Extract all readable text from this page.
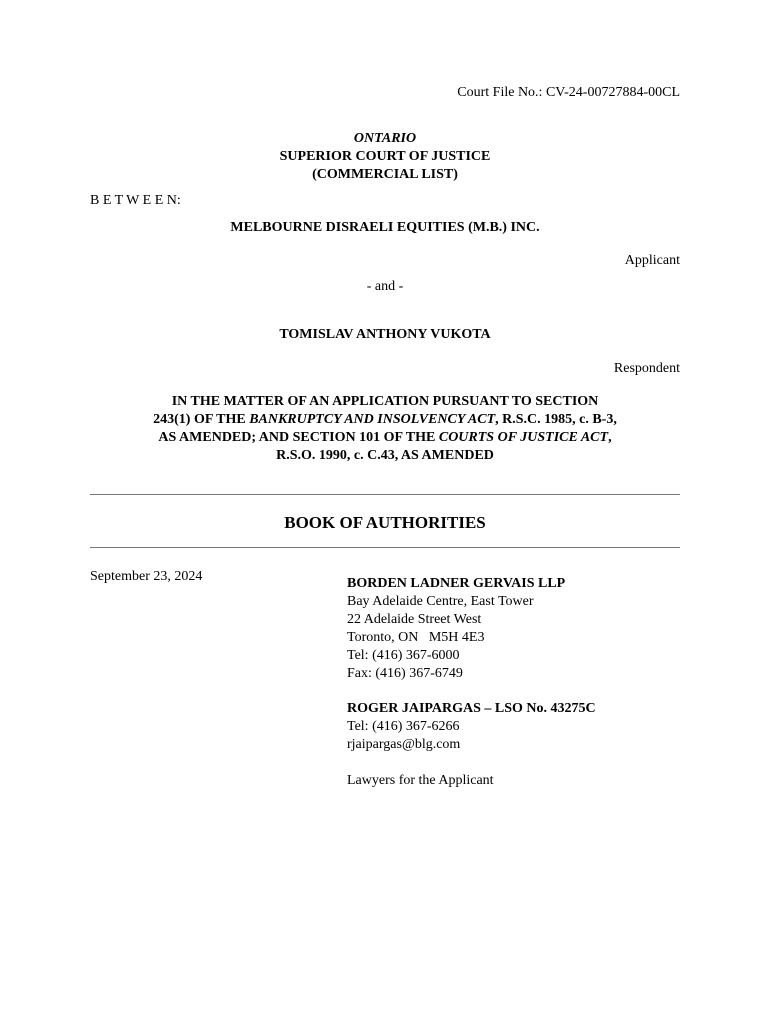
Court File No.: CV-24-00727884-00CL
ONTARIO
SUPERIOR COURT OF JUSTICE
(COMMERCIAL LIST)
B E T W E E N:
MELBOURNE DISRAELI EQUITIES (M.B.) INC.
Applicant
- and -
TOMISLAV ANTHONY VUKOTA
Respondent
IN THE MATTER OF AN APPLICATION PURSUANT TO SECTION
243(1) OF THE BANKRUPTCY AND INSOLVENCY ACT, R.S.C. 1985, c. B-3,
AS AMENDED; AND SECTION 101 OF THE COURTS OF JUSTICE ACT,
R.S.O. 1990, c. C.43, AS AMENDED
BOOK OF AUTHORITIES
September 23, 2024	BORDEN LADNER GERVAIS LLP
Bay Adelaide Centre, East Tower
22 Adelaide Street West
Toronto, ON   M5H 4E3
Tel: (416) 367-6000
Fax: (416) 367-6749
ROGER JAIPARGAS – LSO No. 43275C
Tel: (416) 367-6266
rjaipargas@blg.com
Lawyers for the Applicant
